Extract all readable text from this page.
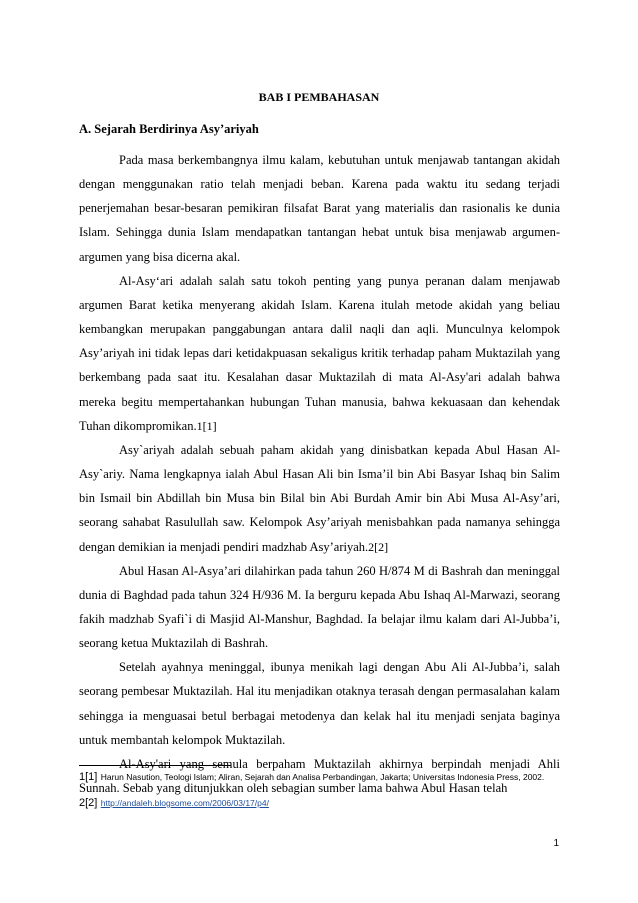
BAB I PEMBAHASAN
A. Sejarah Berdirinya Asy’ariyah

Pada masa berkembangnya ilmu kalam, kebutuhan untuk menjawab tantangan akidah dengan menggunakan ratio telah menjadi beban. Karena pada waktu itu sedang terjadi penerjemahan besar-besaran pemikiran filsafat Barat yang materialis dan rasionalis ke dunia Islam. Sehingga dunia Islam mendapatkan tantangan hebat untuk bisa menjawab argumen-argumen yang bisa dicerna akal.

Al-Asy‘ari adalah salah satu tokoh penting yang punya peranan dalam menjawab argumen Barat ketika menyerang akidah Islam. Karena itulah metode akidah yang beliau kembangkan merupakan panggabungan antara dalil naqli dan aqli. Munculnya kelompok Asy’ariyah ini tidak lepas dari ketidakpuasan sekaligus kritik terhadap paham Muktazilah yang berkembang pada saat itu. Kesalahan dasar Muktazilah di mata Al-Asy'ari adalah bahwa mereka begitu mempertahankan hubungan Tuhan manusia, bahwa kekuasaan dan kehendak Tuhan dikompromikan.1[1]

Asy`ariyah adalah sebuah paham akidah yang dinisbatkan kepada Abul Hasan Al-Asy`ariy. Nama lengkapnya ialah Abul Hasan Ali bin Isma’il bin Abi Basyar Ishaq bin Salim bin Ismail bin Abdillah bin Musa bin Bilal bin Abi Burdah Amir bin Abi Musa Al-Asy’ari, seorang sahabat Rasulullah saw. Kelompok Asy’ariyah menisbahkan pada namanya sehingga dengan demikian ia menjadi pendiri madzhab Asy’ariyah.2[2]

Abul Hasan Al-Asya’ari dilahirkan pada tahun 260 H/874 M di Bashrah dan meninggal dunia di Baghdad pada tahun 324 H/936 M. Ia berguru kepada Abu Ishaq Al-Marwazi, seorang fakih madzhab Syafi`i di Masjid Al-Manshur, Baghdad. Ia belajar ilmu kalam dari Al-Jubba’i, seorang ketua Muktazilah di Bashrah.

Setelah ayahnya meninggal, ibunya menikah lagi dengan Abu Ali Al-Jubba’i, salah seorang pembesar Muktazilah. Hal itu menjadikan otaknya terasah dengan permasalahan kalam sehingga ia menguasai betul berbagai metodenya dan kelak hal itu menjadi senjata baginya untuk membantah kelompok Muktazilah.

Al-Asy'ari yang semula berpaham Muktazilah akhirnya berpindah menjadi Ahli Sunnah. Sebab yang ditunjukkan oleh sebagian sumber lama bahwa Abul Hasan telah

1[1] Harun Nasution, Teologi Islam; Aliran, Sejarah dan Analisa Perbandingan, Jakarta; Universitas Indonesia Press, 2002.
2[2] http://andaleh.blogsome.com/2006/03/17/p4/
1
